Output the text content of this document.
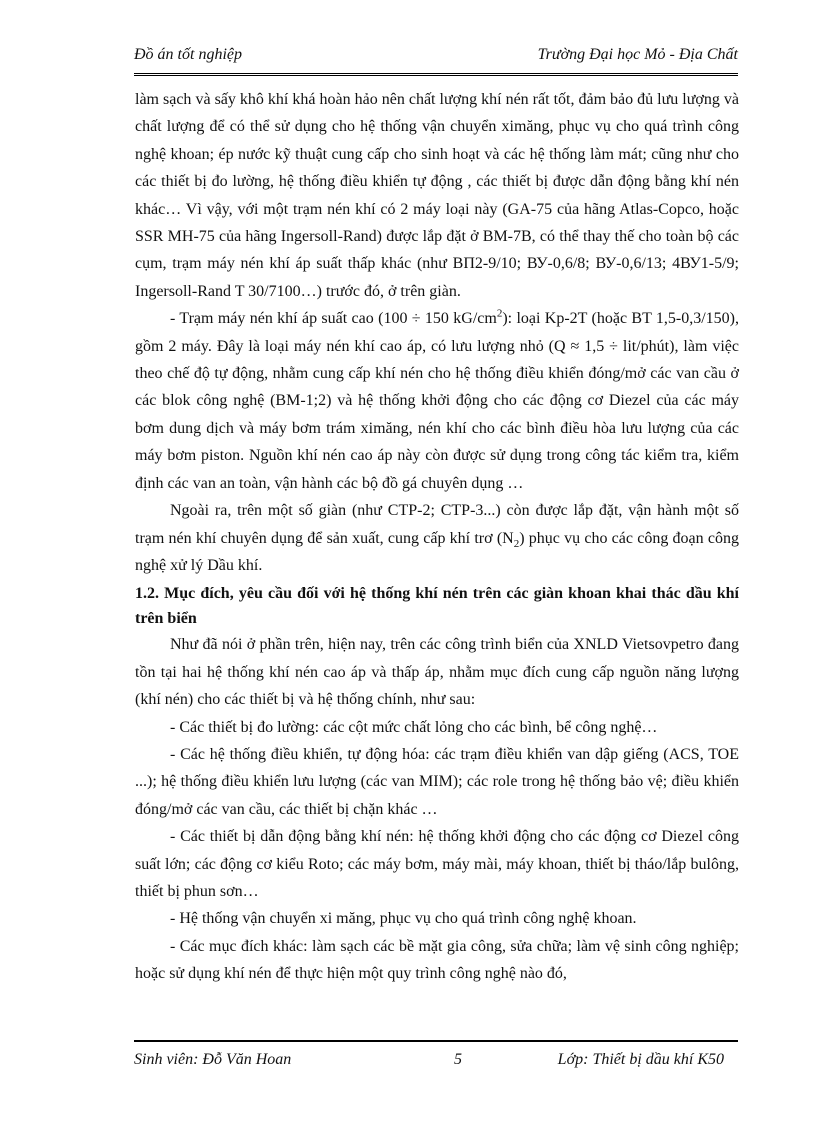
Đồ án tốt nghiệp	Trường Đại học Mỏ - Địa Chất

làm sạch và sấy khô khí khá hoàn hảo nên chất lượng khí nén rất tốt, đảm bảo đủ lưu lượng và chất lượng để có thể sử dụng cho hệ thống vận chuyển ximăng, phục vụ cho quá trình công nghệ khoan; ép nước kỹ thuật cung cấp cho sinh hoạt và các hệ thống làm mát; cũng như cho các thiết bị đo lường, hệ thống điều khiển tự động , các thiết bị được dẫn động bằng khí nén khác… Vì vậy, với một trạm nén khí có 2 máy loại này (GA-75 của hãng Atlas-Copco, hoặc SSR MH-75 của hãng Ingersoll-Rand) được lắp đặt ở BM-7B, có thể thay thế cho toàn bộ các cụm, trạm máy nén khí áp suất thấp khác (như ВП2-9/10; ВУ-0,6/8; ВУ-0,6/13; 4ВУ1-5/9; Ingersoll-Rand T 30/7100…) trước đó, ở trên giàn.

- Trạm máy nén khí áp suất cao (100 ÷ 150 $kG/cm^2$): loại Kp-2T (hoặc BT 1,5-0,3/150), gồm 2 máy. Đây là loại máy nén khí cao áp, có lưu lượng nhỏ (Q ≈ 1,5 ÷ lit/phút), làm việc theo chế độ tự động, nhằm cung cấp khí nén cho hệ thống điều khiển đóng/mở các van cầu ở các blok công nghệ (BM-1;2) và hệ thống khởi động cho các động cơ Diezel của các máy bơm dung dịch và máy bơm trám ximăng, nén khí cho các bình điều hòa lưu lượng của các máy bơm piston. Nguồn khí nén cao áp này còn được sử dụng trong công tác kiểm tra, kiểm định các van an toàn, vận hành các bộ đồ gá chuyên dụng …

Ngoài ra, trên một số giàn (như CTP-2; CTP-3...) còn được lắp đặt, vận hành một số trạm nén khí chuyên dụng để sản xuất, cung cấp khí trơ $(N_2)$ phục vụ cho các công đoạn công nghệ xử lý Dầu khí.

1.2. Mục đích, yêu cầu đối với hệ thống khí nén trên các giàn khoan khai thác dầu khí trên biển

Như đã nói ở phần trên, hiện nay, trên các công trình biển của XNLD Vietsovpetro đang tồn tại hai hệ thống khí nén cao áp và thấp áp, nhằm mục đích cung cấp nguồn năng lượng (khí nén) cho các thiết bị và hệ thống chính, như sau:

- Các thiết bị đo lường: các cột mức chất lỏng cho các bình, bể công nghệ…

- Các hệ thống điều khiển, tự động hóa: các trạm điều khiển van dập giếng (ACS, TOE ...); hệ thống điều khiển lưu lượng (các van MIM); các role trong hệ thống bảo vệ; điều khiển đóng/mở các van cầu, các thiết bị chặn khác …

- Các thiết bị dẫn động bằng khí nén: hệ thống khởi động cho các động cơ Diezel công suất lớn; các động cơ kiểu Roto; các máy bơm, máy mài, máy khoan, thiết bị tháo/lắp bulông, thiết bị phun sơn…

- Hệ thống vận chuyển xi măng, phục vụ cho quá trình công nghệ khoan.

- Các mục đích khác: làm sạch các bề mặt gia công, sửa chữa; làm vệ sinh công nghiệp; hoặc sử dụng khí nén để thực hiện một quy trình công nghệ nào đó,

Sinh viên: Đỗ Văn Hoan	5	Lớp: Thiết bị dầu khí K50
